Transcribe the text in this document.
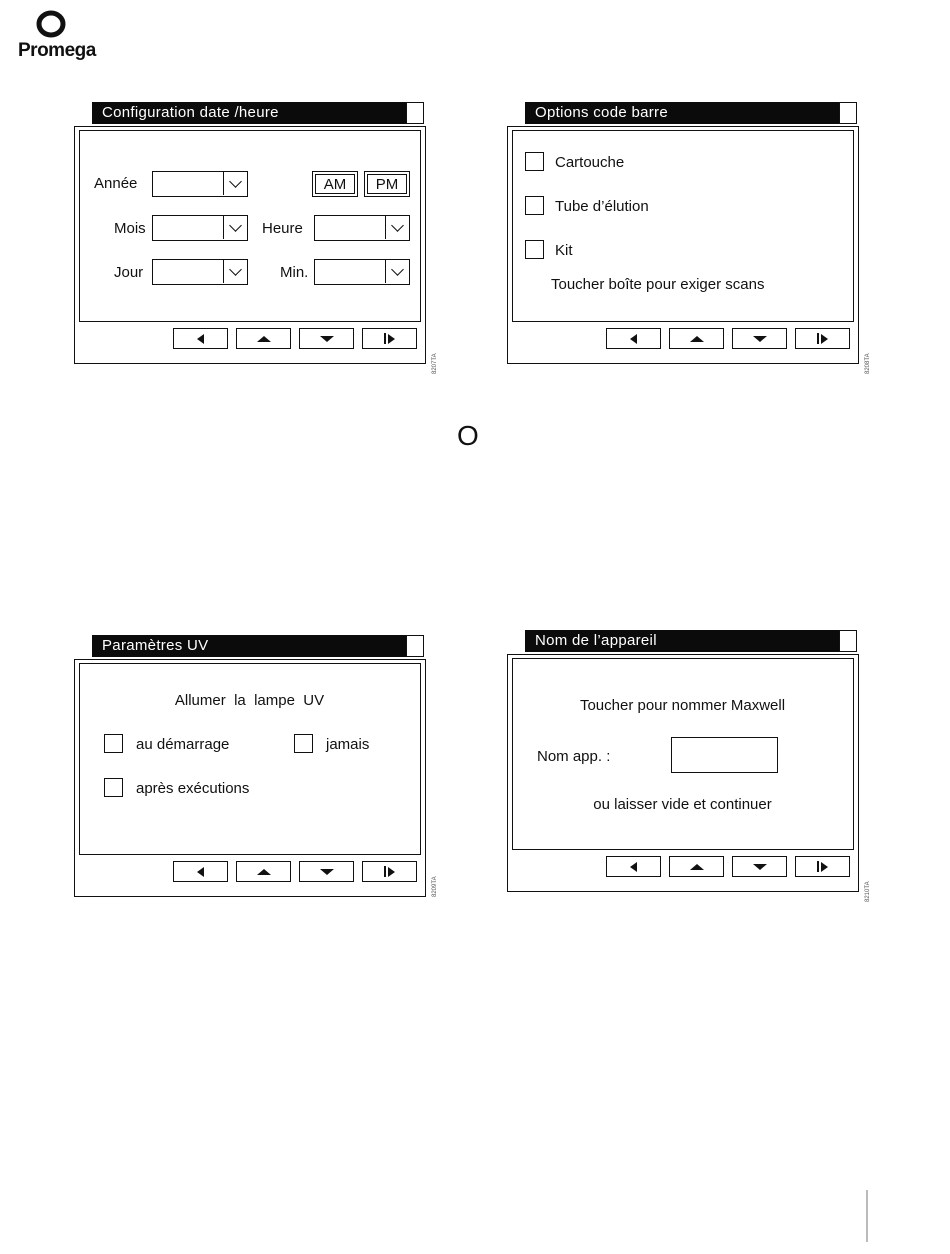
Promega
Configuration date /heure
Année	AM	PM
Mois	Heure
Jour	Min.
8207TA
Options code barre
Cartouche
Tube d’élution
Kit
Toucher boîte pour exiger scans
8208TA
O
Paramètres UV
Allumer  la  lampe  UV
au démarrage	jamais
après exécutions
8209TA
Nom de l’appareil
Toucher pour nommer Maxwell
Nom app. :
ou laisser vide et continuer
8210TA
